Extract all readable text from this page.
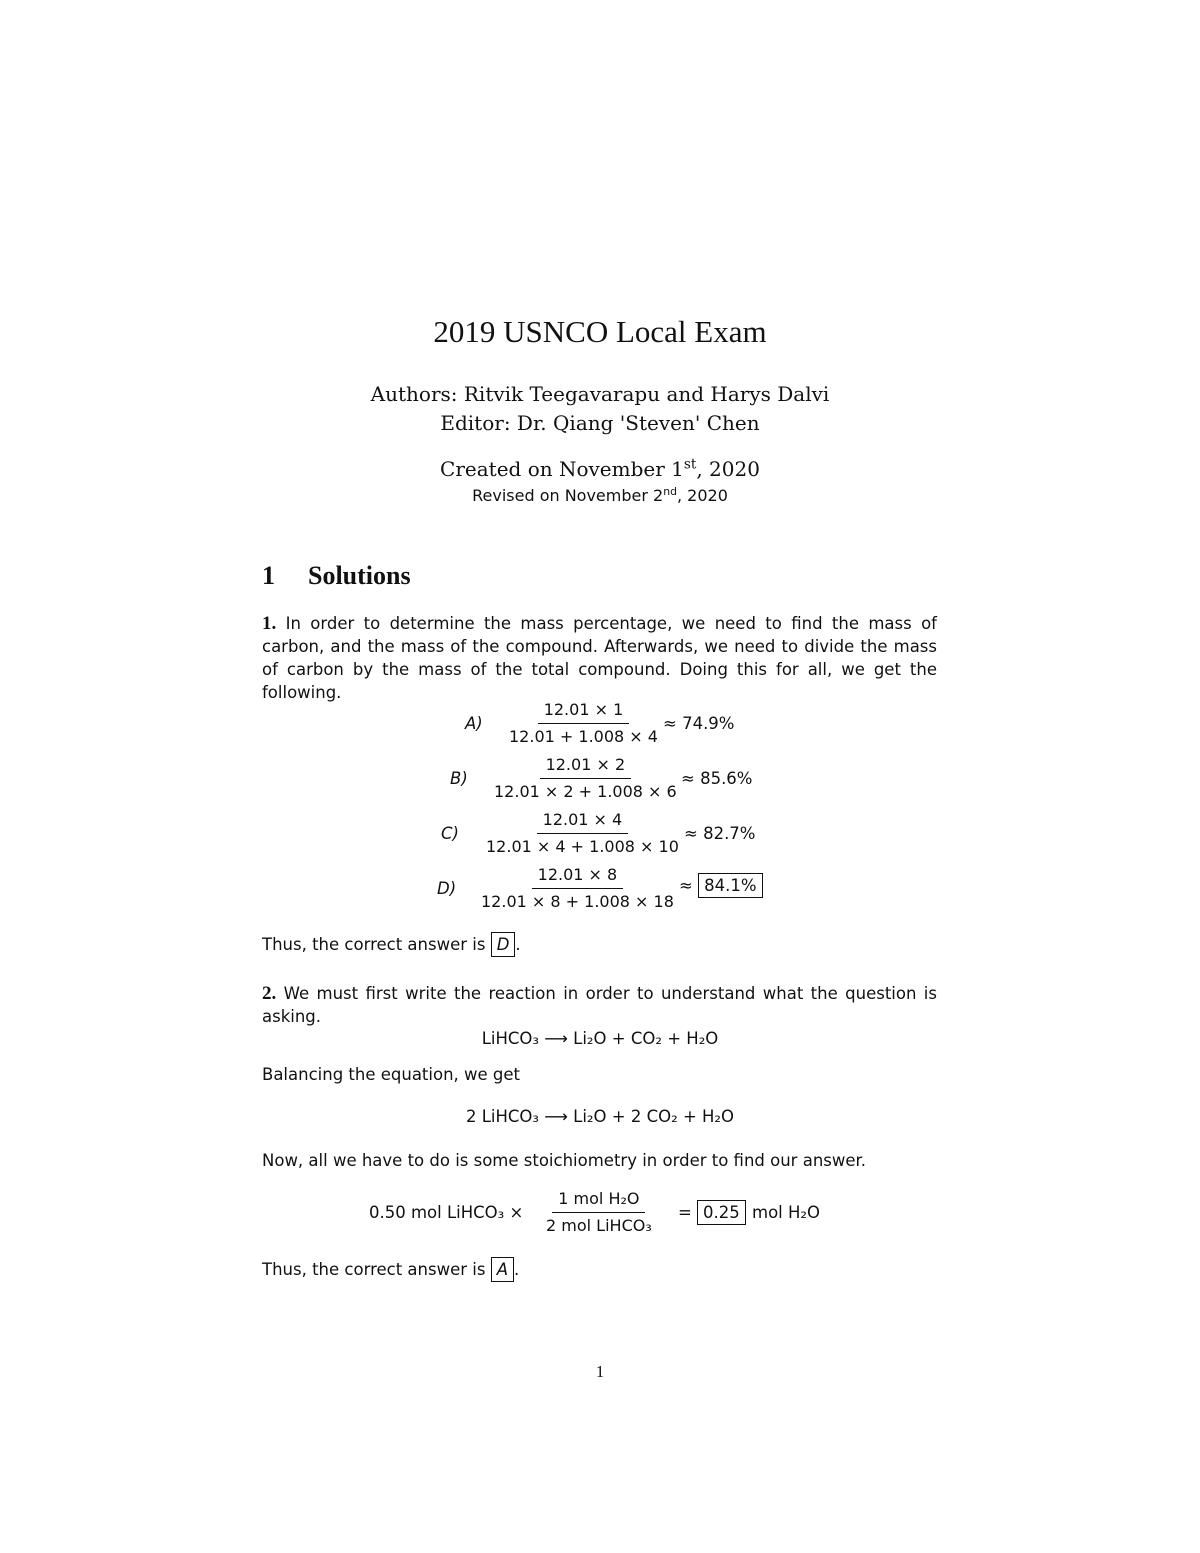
2019 USNCO Local Exam
Authors: Ritvik Teegavarapu and Harys Dalvi
Editor: Dr. Qiang 'Steven' Chen
Created on November 1st, 2020
Revised on November 2nd, 2020
1 Solutions
1. In order to determine the mass percentage, we need to find the mass of carbon, and the mass of the compound. Afterwards, we need to divide the mass of carbon by the mass of the total compound. Doing this for all, we get the following.
$A) \frac{12.01 \times 1}{12.01 + 1.008 \times 4} \approx 74.9\%$
$B) \frac{12.01 \times 2}{12.01 \times 2 + 1.008 \times 6}$
≈ 85.6%
$C) \frac{12.01 \times 4}{12.01 \times 4 + 1.008 \times 10} \approx 82.7\%$
$D) \frac{12.01 \times 8}{12.01 \times 8 + 1.008 \times 18} \approx 84.1\%$
Thus, the correct answer is D .
2. We must first write the reaction in order to understand what the question is asking.
LiHCO₃ ⟶ Li₂O + CO₂ + H₂O
Balancing the equation, we get
2 LiHCO₃ ⟶ Li₂O + 2 CO₂ + H₂O
Now, all we have to do is some stoichiometry in order to find our answer.
0.50 mol LiHCO₃ ×
1 mol H₂O
2 mol LiHCO₃
= 0.25 mol H₂O
Thus, the correct answer is A .
1
